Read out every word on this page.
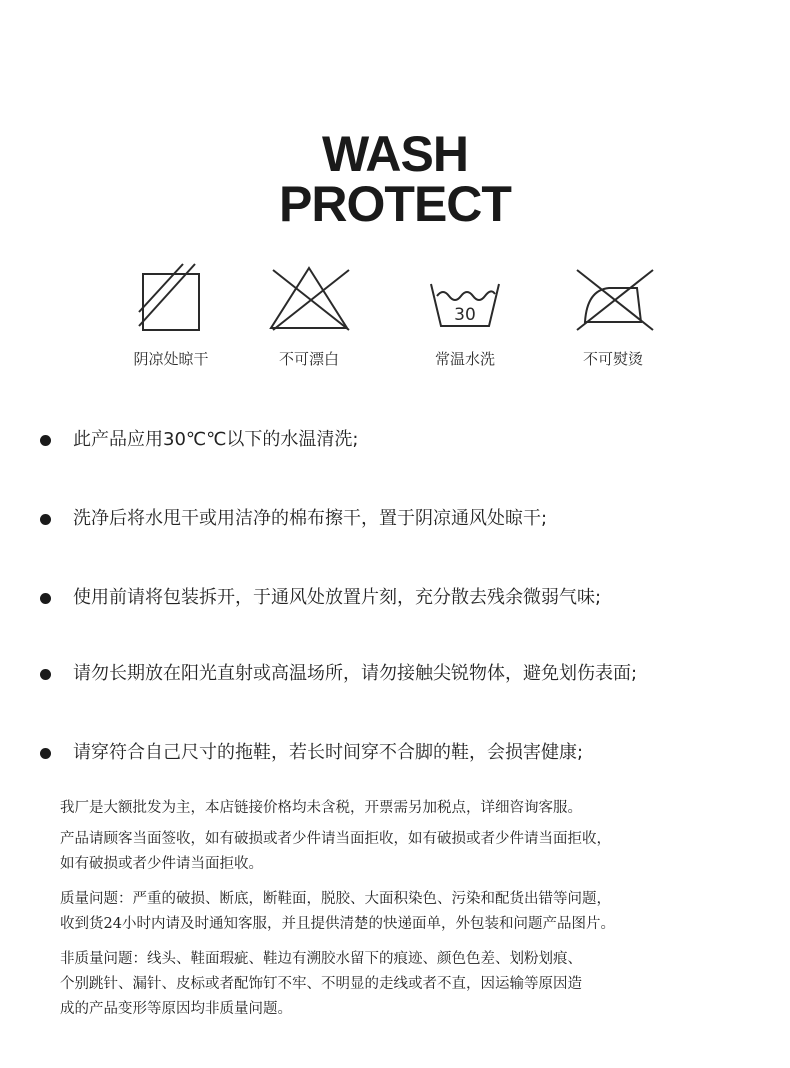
WASH
PROTECT
阴凉处晾干	不可漂白
30
常温水洗	不可熨烫
此产品应用30℃℃以下的水温清洗;
洗净后将水甩干或用洁净的棉布擦干，置于阴凉通风处晾干;
使用前请将包装拆开，于通风处放置片刻，充分散去残余微弱气味;
请勿长期放在阳光直射或高温场所，请勿接触尖锐物体，避免划伤表面;
请穿符合自己尺寸的拖鞋，若长时间穿不合脚的鞋，会损害健康;

我厂是大额批发为主，本店链接价格均未含税，开票需另加税点，详细咨询客服。

产品请顾客当面签收，如有破损或者少件请当面拒收，如有破损或者少件请当面拒收，

如有破损或者少件请当面拒收。

质量问题：严重的破损、断底，断鞋面，脱胶、大面积染色、污染和配货出错等问题，

收到货24小时内请及时通知客服，并且提供清楚的快递面单，外包装和问题产品图片。

非质量问题：线头、鞋面瑕疵、鞋边有溯胶水留下的痕迹、颜色色差、划粉划痕、

个别跳针、漏针、皮标或者配饰钉不牢、不明显的走线或者不直，因运输等原因造

成的产品变形等原因均非质量问题。
